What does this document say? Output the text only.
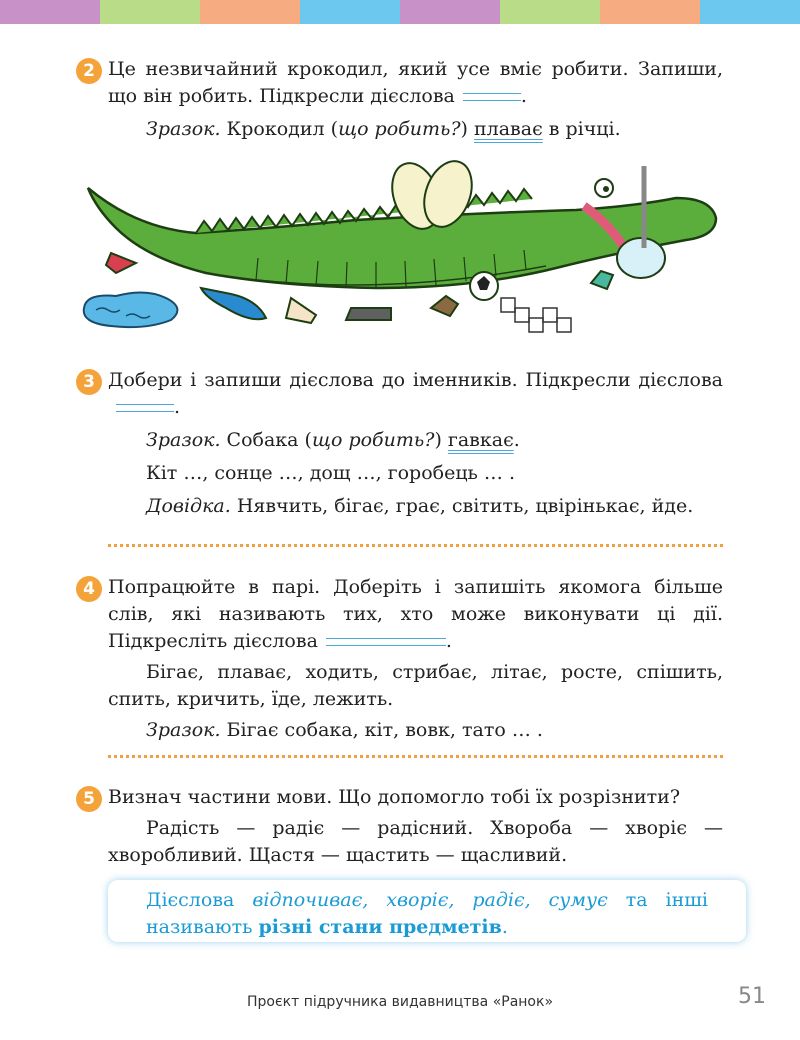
2 Це незвичайний крокодил, який усе вміє робити. Запиши, що він робить. Підкресли дієслова	.
Зразок. Крокодил (що робить?) плаває в річці.
3 Добери і запиши дієслова до іменників. Підкресли дієслова.
Зразок. Собака (що робить?) гавкає.
Кіт …, сонце …, дощ …, горобець … .
Довідка. Нявчить, бігає, грає, світить, цвірінькає, йде.
4 Попрацюйте в парі. Доберіть і запишіть якомога більше слів, які називають тих, хто може виконувати ці дії. Підкресліть дієслова	.
Бігає, плаває, ходить, стрибає, літає, росте, спішить, спить, кричить, їде, лежить.
Зразок. Бігає собака, кіт, вовк, тато … .
5 Визнач частини мови. Що допомогло тобі їх розрізнити?
Радість — радіє — радісний. Хвороба — хворіє — хворобливий. Щастя — щастить — щасливий.

Дієслова відпочиває, хворіє, радіє, сумує та інші називають різні стани предметів.

Проєкт підручника видавництва «Ранок»	51
